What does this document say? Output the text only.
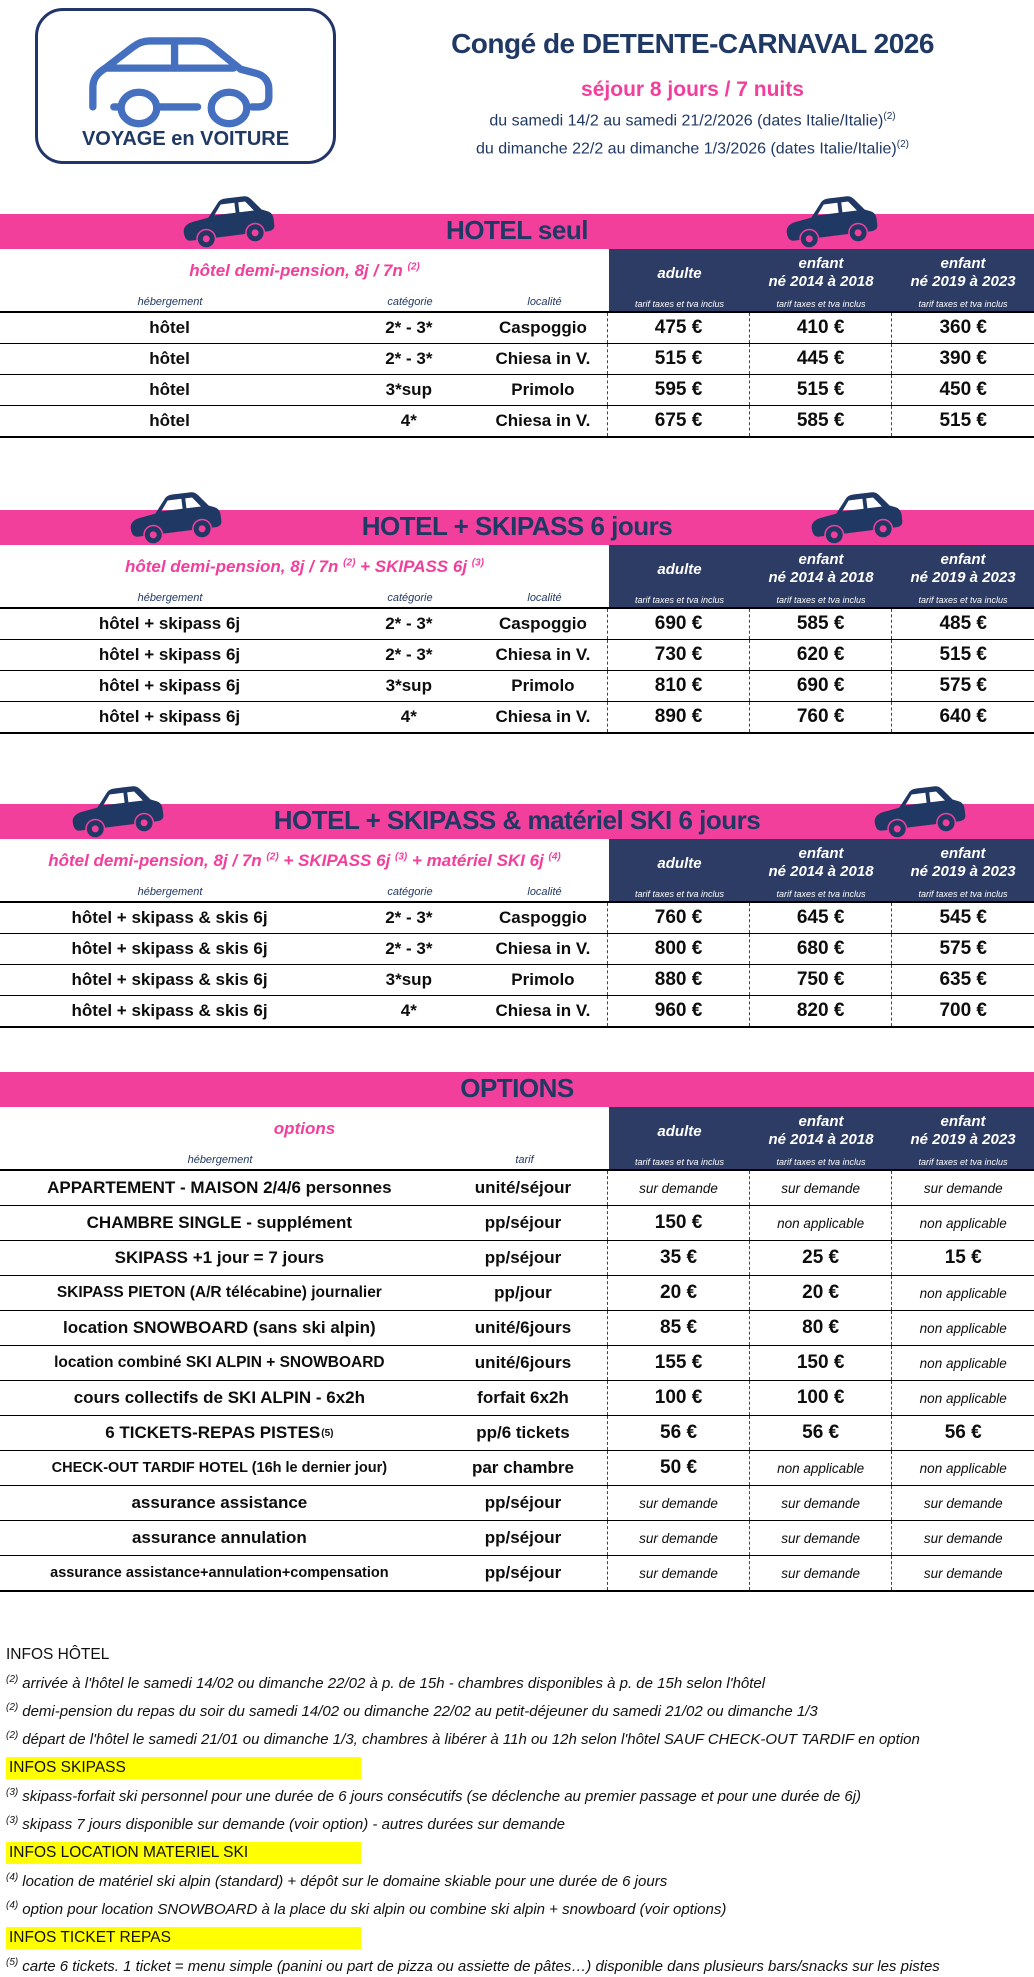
VOYAGE en VOITURE
Congé de DETENTE-CARNAVAL 2026
séjour 8 jours / 7 nuits
du samedi 14/2 au samedi 21/2/2026 (dates Italie/Italie)$^{(2)}$
du dimanche 22/2 au dimanche 1/3/2026 (dates Italie/Italie)$^{(2)}$
HOTEL seul
hôtel demi-pension, 8j / 7n $^{(2)}$
hébergement	catégorie	localité
adulte
tarif taxes et tva inclus
enfant
né 2014 à 2018
tarif taxes et tva inclus
enfant
né 2019 à 2023
tarif taxes et tva inclus
hôtel	2* - 3*	Caspoggio	475 €	410 €	360 €
hôtel	2* - 3*	Chiesa in V.	515 €	445 €	390 €
hôtel	3*sup	Primolo	595 €	515 €	450 €
hôtel	4*	Chiesa in V.	675 €	585 €	515 €
HOTEL + SKIPASS 6 jours
hôtel demi-pension, 8j / 7n $^{(2)}$ + SKIPASS 6j $^{(3)}$
hébergement	catégorie	localité
adulte
tarif taxes et tva inclus
enfant
né 2014 à 2018
tarif taxes et tva inclus
enfant
né 2019 à 2023
tarif taxes et tva inclus
hôtel + skipass 6j	2* - 3*	Caspoggio	690 €	585 €	485 €
hôtel + skipass 6j	2* - 3*	Chiesa in V.	730 €	620 €	515 €
hôtel + skipass 6j	3*sup	Primolo	810 €	690 €	575 €
hôtel + skipass 6j	4*	Chiesa in V.	890 €	760 €	640 €
HOTEL + SKIPASS & matériel SKI 6 jours
hôtel demi-pension, 8j / 7n $^{(2)}$ + SKIPASS 6j $^{(3)}$ + matériel SKI 6j $^{(4)}$
hébergement	catégorie	localité
adulte
tarif taxes et tva inclus
enfant
né 2014 à 2018
tarif taxes et tva inclus
enfant
né 2019 à 2023
tarif taxes et tva inclus
hôtel + skipass & skis 6j	2* - 3*	Caspoggio	760 €	645 €	545 €
hôtel + skipass & skis 6j	2* - 3*	Chiesa in V.	800 €	680 €	575 €
hôtel + skipass & skis 6j	3*sup	Primolo	880 €	750 €	635 €
hôtel + skipass & skis 6j	4*	Chiesa in V.	960 €	820 €	700 €
OPTIONS
options
hébergement	tarif
adulte
tarif taxes et tva inclus
enfant
né 2014 à 2018
tarif taxes et tva inclus
enfant
né 2019 à 2023
tarif taxes et tva inclus
APPARTEMENT - MAISON 2/4/6 personnes	unité/séjour	sur demande	sur demande	sur demande
CHAMBRE SINGLE - supplément	pp/séjour	150 €	non applicable	non applicable
SKIPASS +1 jour = 7 jours	pp/séjour	35 €	25 €	15 €
SKIPASS PIETON (A/R télécabine) journalier	pp/jour	20 €	20 €	non applicable
location SNOWBOARD (sans ski alpin)	unité/6jours	85 €	80 €	non applicable
location combiné SKI ALPIN + SNOWBOARD	unité/6jours	155 €	150 €	non applicable
cours collectifs de SKI ALPIN - 6x2h	forfait 6x2h	100 €	100 €	non applicable
6 TICKETS-REPAS PISTES (5)	pp/6 tickets	56 €	56 €	56 €
CHECK-OUT TARDIF HOTEL (16h le dernier jour)	par chambre	50 €	non applicable	non applicable
assurance assistance	pp/séjour	sur demande	sur demande	sur demande
assurance annulation	pp/séjour	sur demande	sur demande	sur demande
assurance assistance+annulation+compensation	pp/séjour	sur demande	sur demande	sur demande
INFOS HÔTEL
$^{(2)}$ arrivée à l'hôtel le samedi 14/02 ou dimanche 22/02 à p. de 15h - chambres disponibles à p. de 15h selon l'hôtel
$^{(2)}$ demi-pension du repas du soir du samedi 14/02 ou dimanche 22/02 au petit-déjeuner du samedi 21/02 ou dimanche 1/3
$^{(2)}$ départ de l'hôtel le samedi 21/01 ou dimanche 1/3, chambres à libérer à 11h ou 12h selon l'hôtel SAUF CHECK-OUT TARDIF en option
INFOS SKIPASS
$^{(3)}$ skipass-forfait ski personnel pour une durée de 6 jours consécutifs (se déclenche au premier passage et pour une durée de 6j)
$^{(3)}$ skipass 7 jours disponible sur demande (voir option) - autres durées sur demande
INFOS LOCATION MATERIEL SKI
$^{(4)}$ location de matériel ski alpin (standard) + dépôt sur le domaine skiable pour une durée de 6 jours
$^{(4)}$ option pour location SNOWBOARD à la place du ski alpin ou combine ski alpin + snowboard (voir options)
INFOS TICKET REPAS
$^{(5)}$ carte 6 tickets. 1 ticket = menu simple (panini ou part de pizza ou assiette de pâtes…) disponible dans plusieurs bars/snacks sur les pistes
